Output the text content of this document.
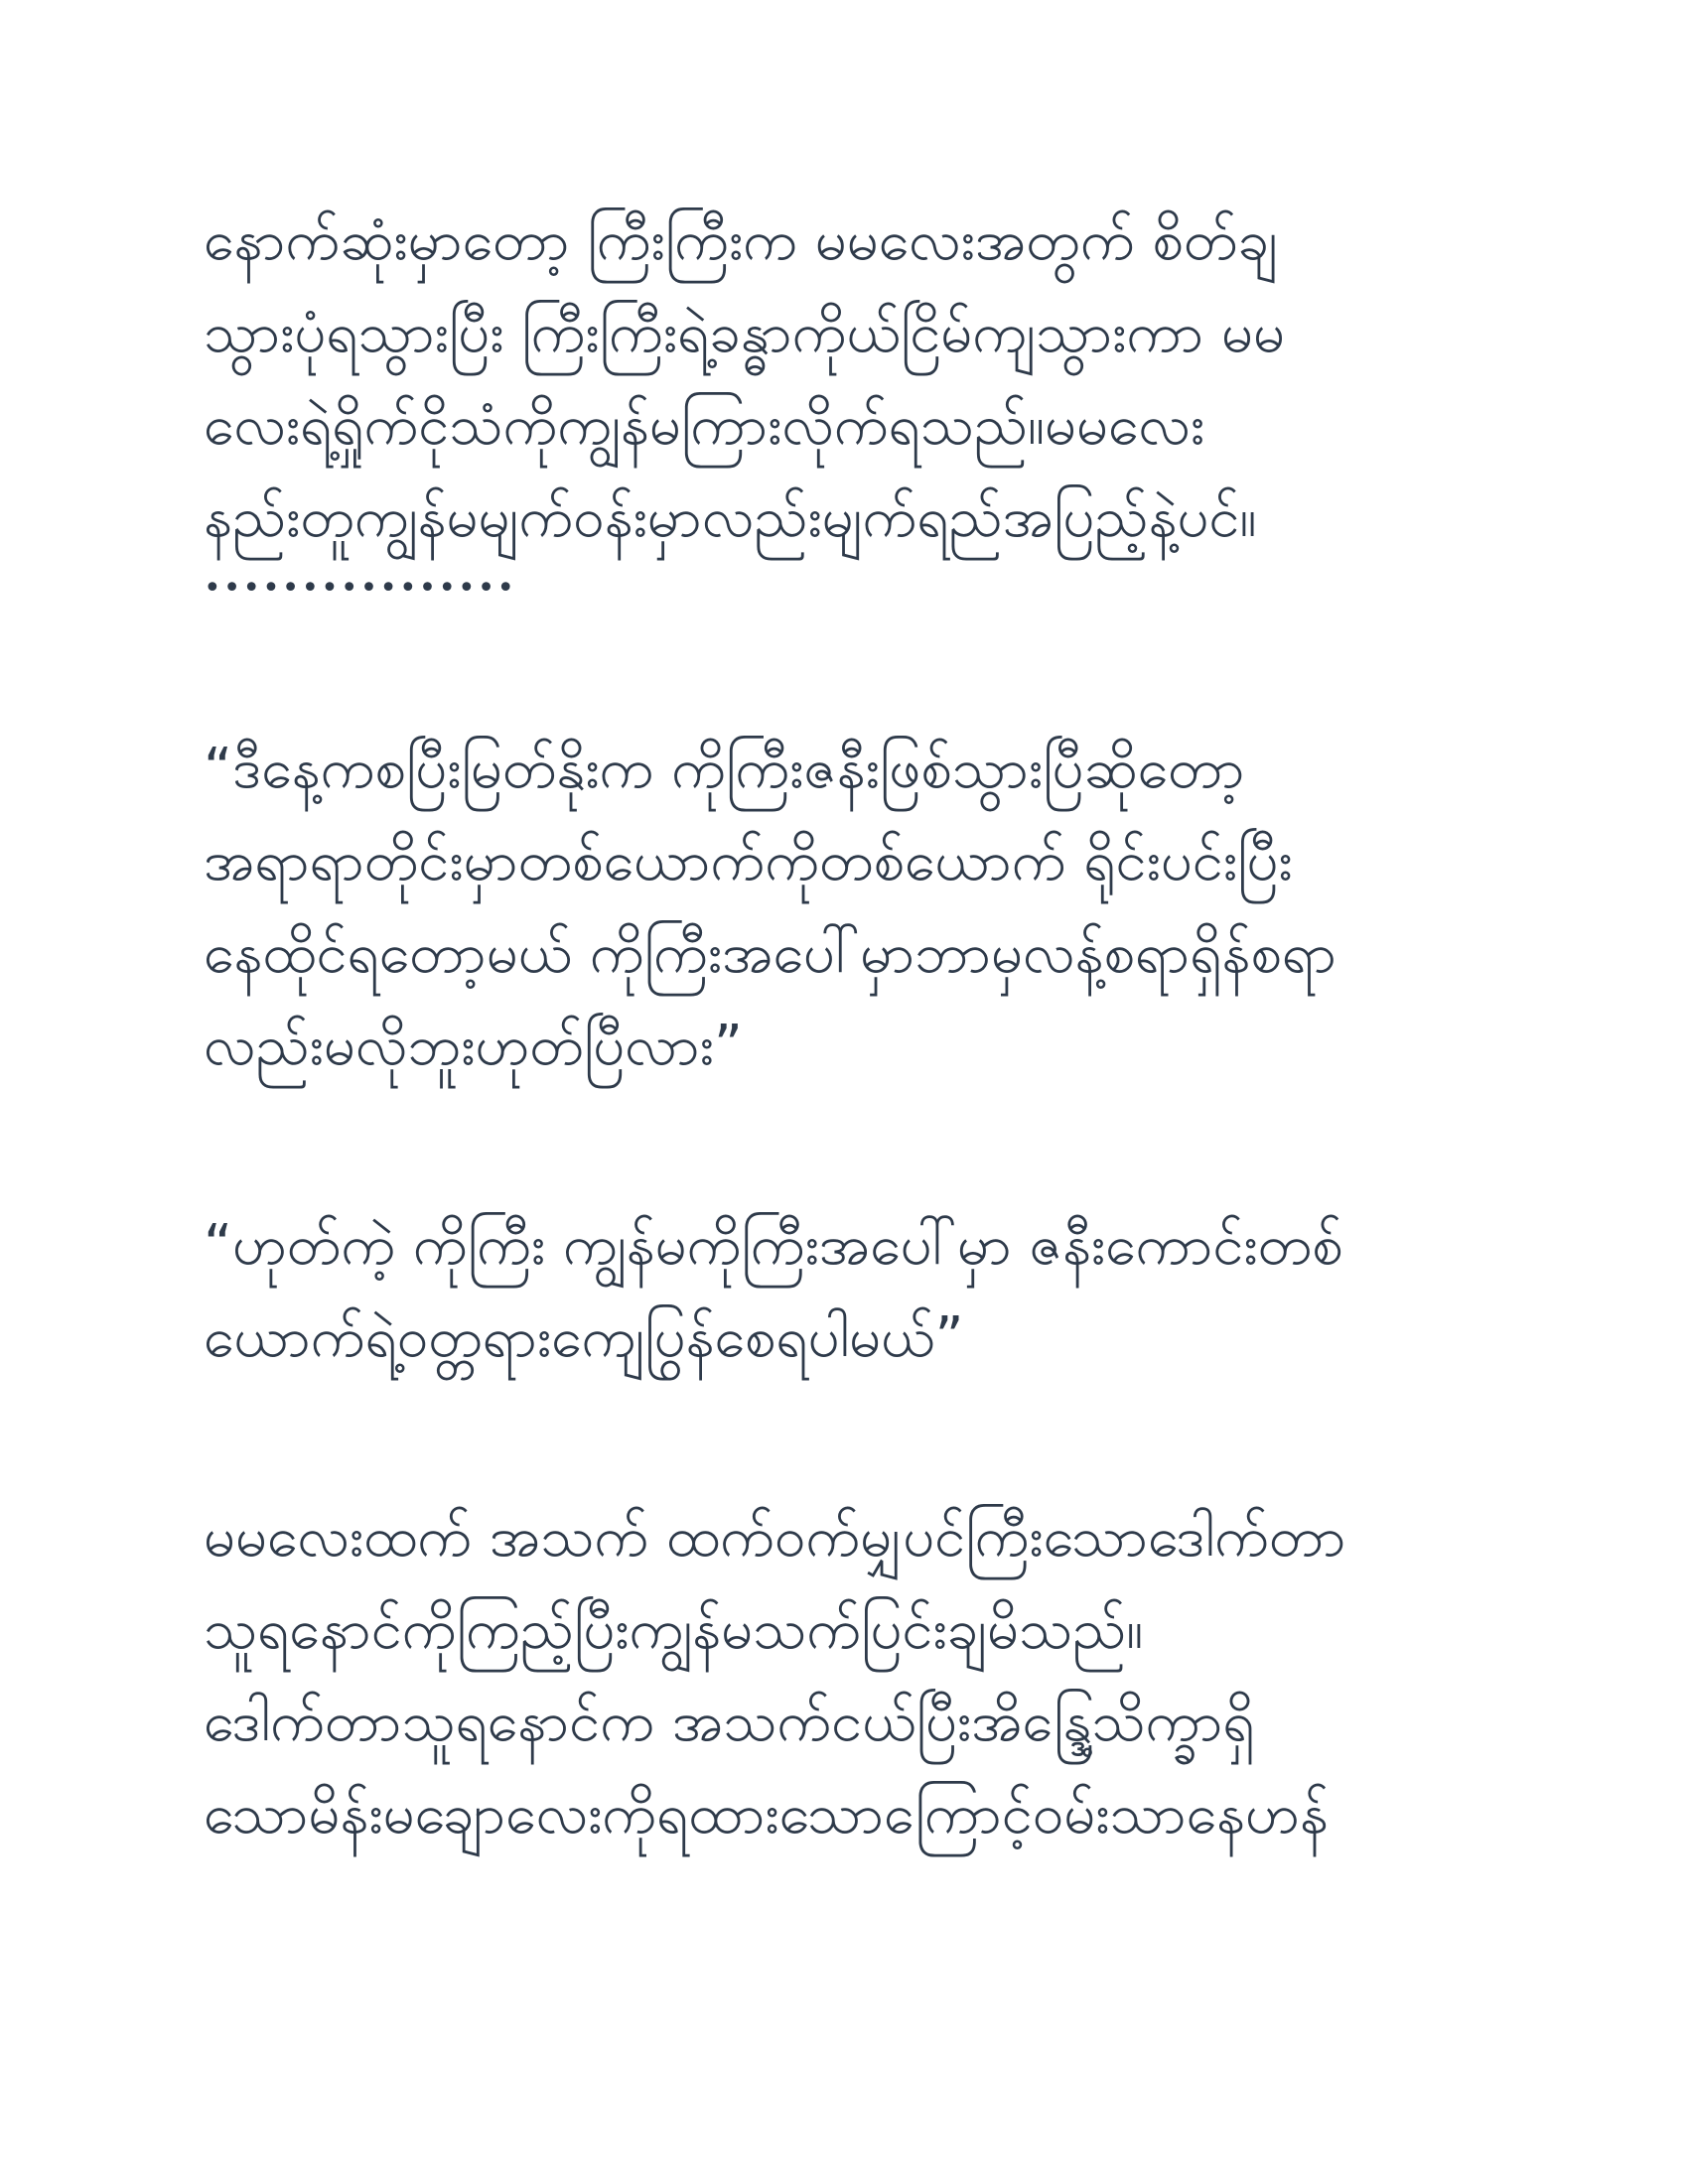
နောက်ဆုံးမှာတော့ ကြီးကြီးက မမလေးအတွက် စိတ်ချ
သွားပုံရသွားပြီး ကြီးကြီးရဲ့ခန္ဓာကိုယ်ငြိမ်ကျသွားကာ မမ
လေးရဲ့ရှိုက်ငိုသံကိုကျွန်မကြားလိုက်ရသည်။မမလေး
နည်းတူကျွန်မမျက်ဝန်းမှာလည်းမျက်ရည်အပြည့်နဲ့ပင်။
••••••••••••••••
“ဒီနေ့ကစပြီးမြတ်နိုးက ကိုကြီးဇနီးဖြစ်သွားပြီဆိုတော့
အရာရာတိုင်းမှာတစ်ယောက်ကိုတစ်ယောက် ရိုင်းပင်းပြီး
နေထိုင်ရတော့မယ် ကိုကြီးအပေါ်မှာဘာမှလန့်စရာရှိန်စရာ
လည်းမလိုဘူးဟုတ်ပြီလား”
“ဟုတ်ကဲ့ ကိုကြီး ကျွန်မကိုကြီးအပေါ်မှာ ဇနီးကောင်းတစ်
ယောက်ရဲ့ဝတ္တရားကျေပြွန်စေရပါမယ်”
မမလေးထက် အသက် ထက်ဝက်မျှပင်ကြီးသောဒေါက်တာ
သူရနောင်ကိုကြည့်ပြီးကျွန်မသက်ပြင်းချမိသည်။
ဒေါက်တာသူရနောင်က အသက်ငယ်ပြီးအိန္ဒြေ့သိက္ခာရှိ
သောမိန်းမချောလေးကိုရထားသောကြောင့်ဝမ်းသာနေဟန်
